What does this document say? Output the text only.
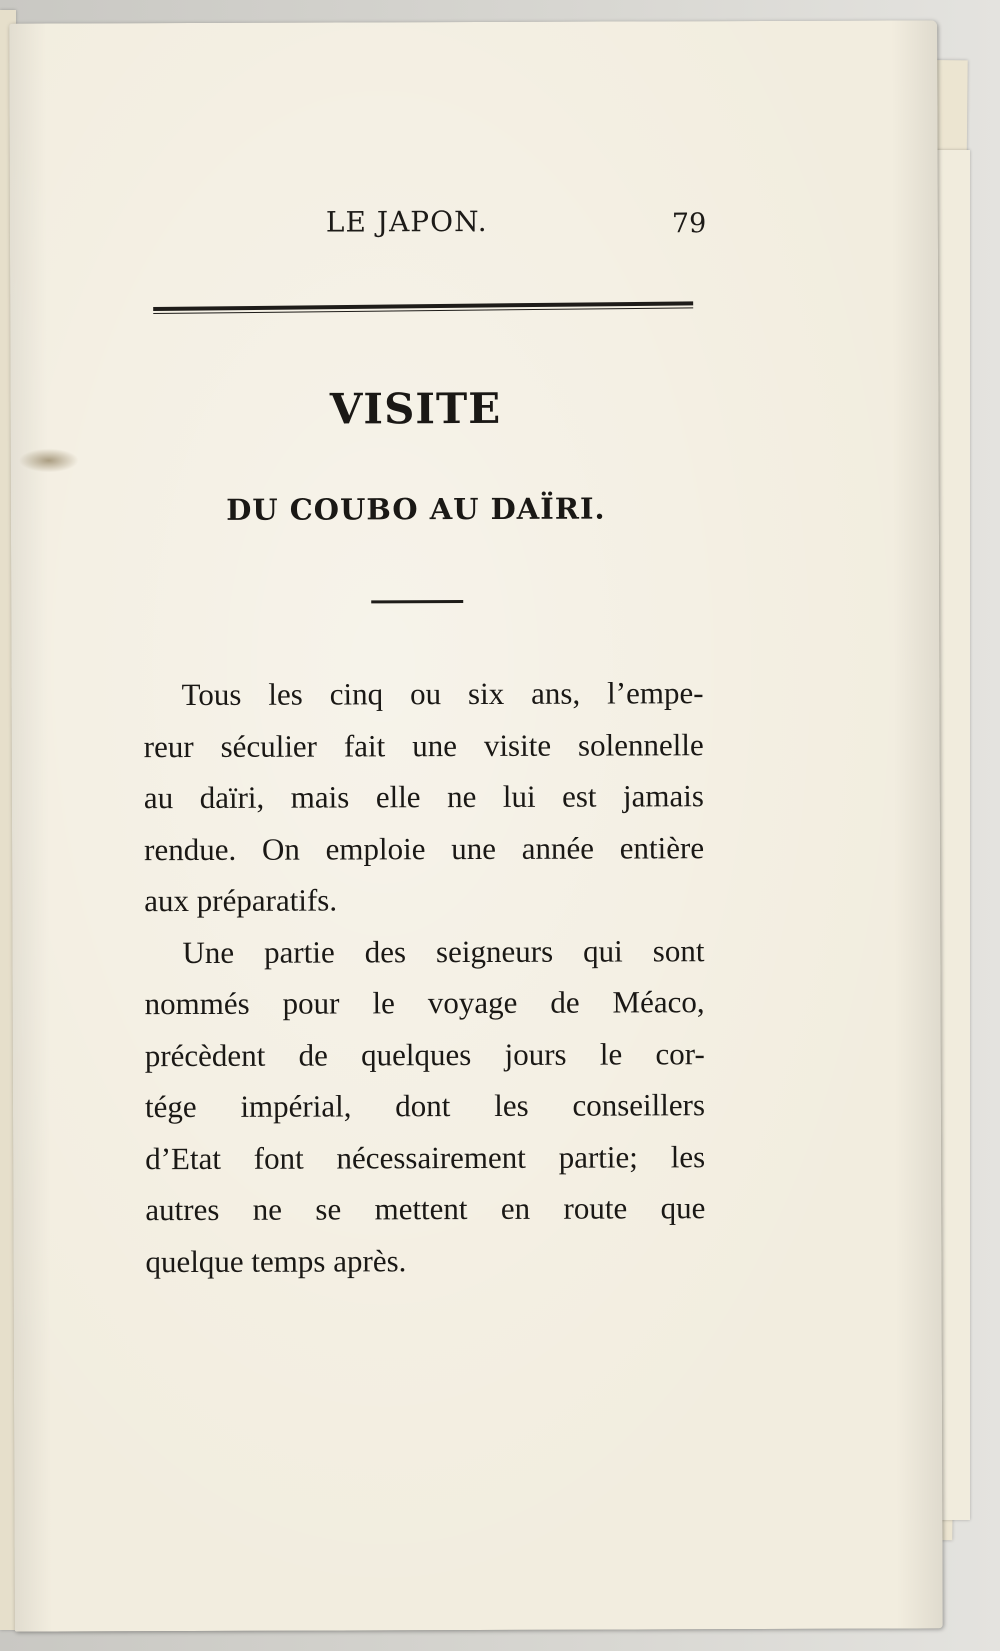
LE JAPON.	79
VISITE
DU COUBO AU DAÏRI.
Tous les cinq ou six ans, l’empe-
reur séculier fait une visite solennelle
au daïri, mais elle ne lui est jamais
rendue. On emploie une année entière
aux préparatifs.
Une partie des seigneurs qui sont
nommés pour le voyage de Méaco,
précèdent de quelques jours le cor-
tége impérial, dont les conseillers
d’Etat font nécessairement partie; les
autres ne se mettent en route que
quelque temps après.
